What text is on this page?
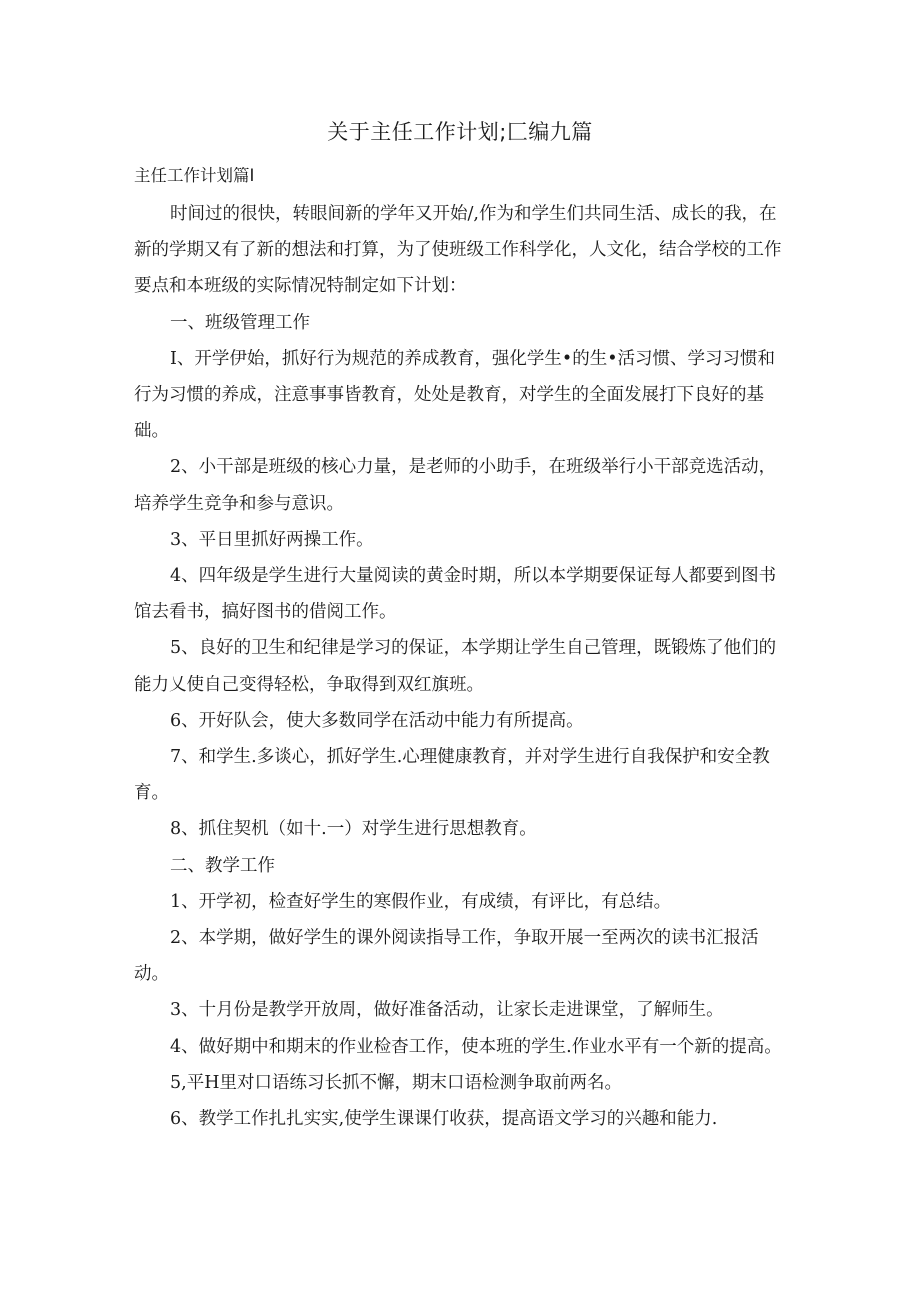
关于主任工作计划;匚编九篇
主任工作计划篇I

时间过的很快，转眼间新的学年又开始/,作为和学生们共同生活、成长的我，在新的学期又有了新的想法和打算，为了使班级工作科学化，人文化，结合学校的工作要点和本班级的实际情况特制定如下计划：

一、班级管理工作

I、开学伊始，抓好行为规范的养成教育，强化学生•的生•活习惯、学习习惯和行为习惯的养成，注意事事皆教育，处处是教育，对学生的全面发展打下良好的基础。

2、小干部是班级的核心力量，是老师的小助手，在班级举行小干部竞选活动，培养学生竞争和参与意识。

3、平日里抓好两操工作。

4、四年级是学生进行大量阅读的黄金时期，所以本学期要保证每人都要到图书馆去看书，搞好图书的借阅工作。

5、良好的卫生和纪律是学习的保证，本学期让学生自己管理，既锻炼了他们的能力乂使自己变得轻松，争取得到双红旗班。

6、开好队会，使大多数同学在活动中能力有所提高。

7、和学生.多谈心，抓好学生.心理健康教育，并对学生进行自我保护和安全教育。

8、抓住契机（如十.一）对学生进行思想教育。

二、教学工作

1、开学初，检查好学生的寒假作业，有成绩，有评比，有总结。

2、本学期，做好学生的课外阅读指导工作，争取开展一至两次的读书汇报活动。

3、十月份是教学开放周，做好准备活动，让家长走进课堂，了解师生。

4、做好期中和期末的作业检杳工作，使本班的学生.作业水平有一个新的提高。

5,平H里对口语练习长抓不懈，期末口语检测争取前两名。

6、教学工作扎扎实实,使学生课课仃收获，提高语文学习的兴趣和能力.
